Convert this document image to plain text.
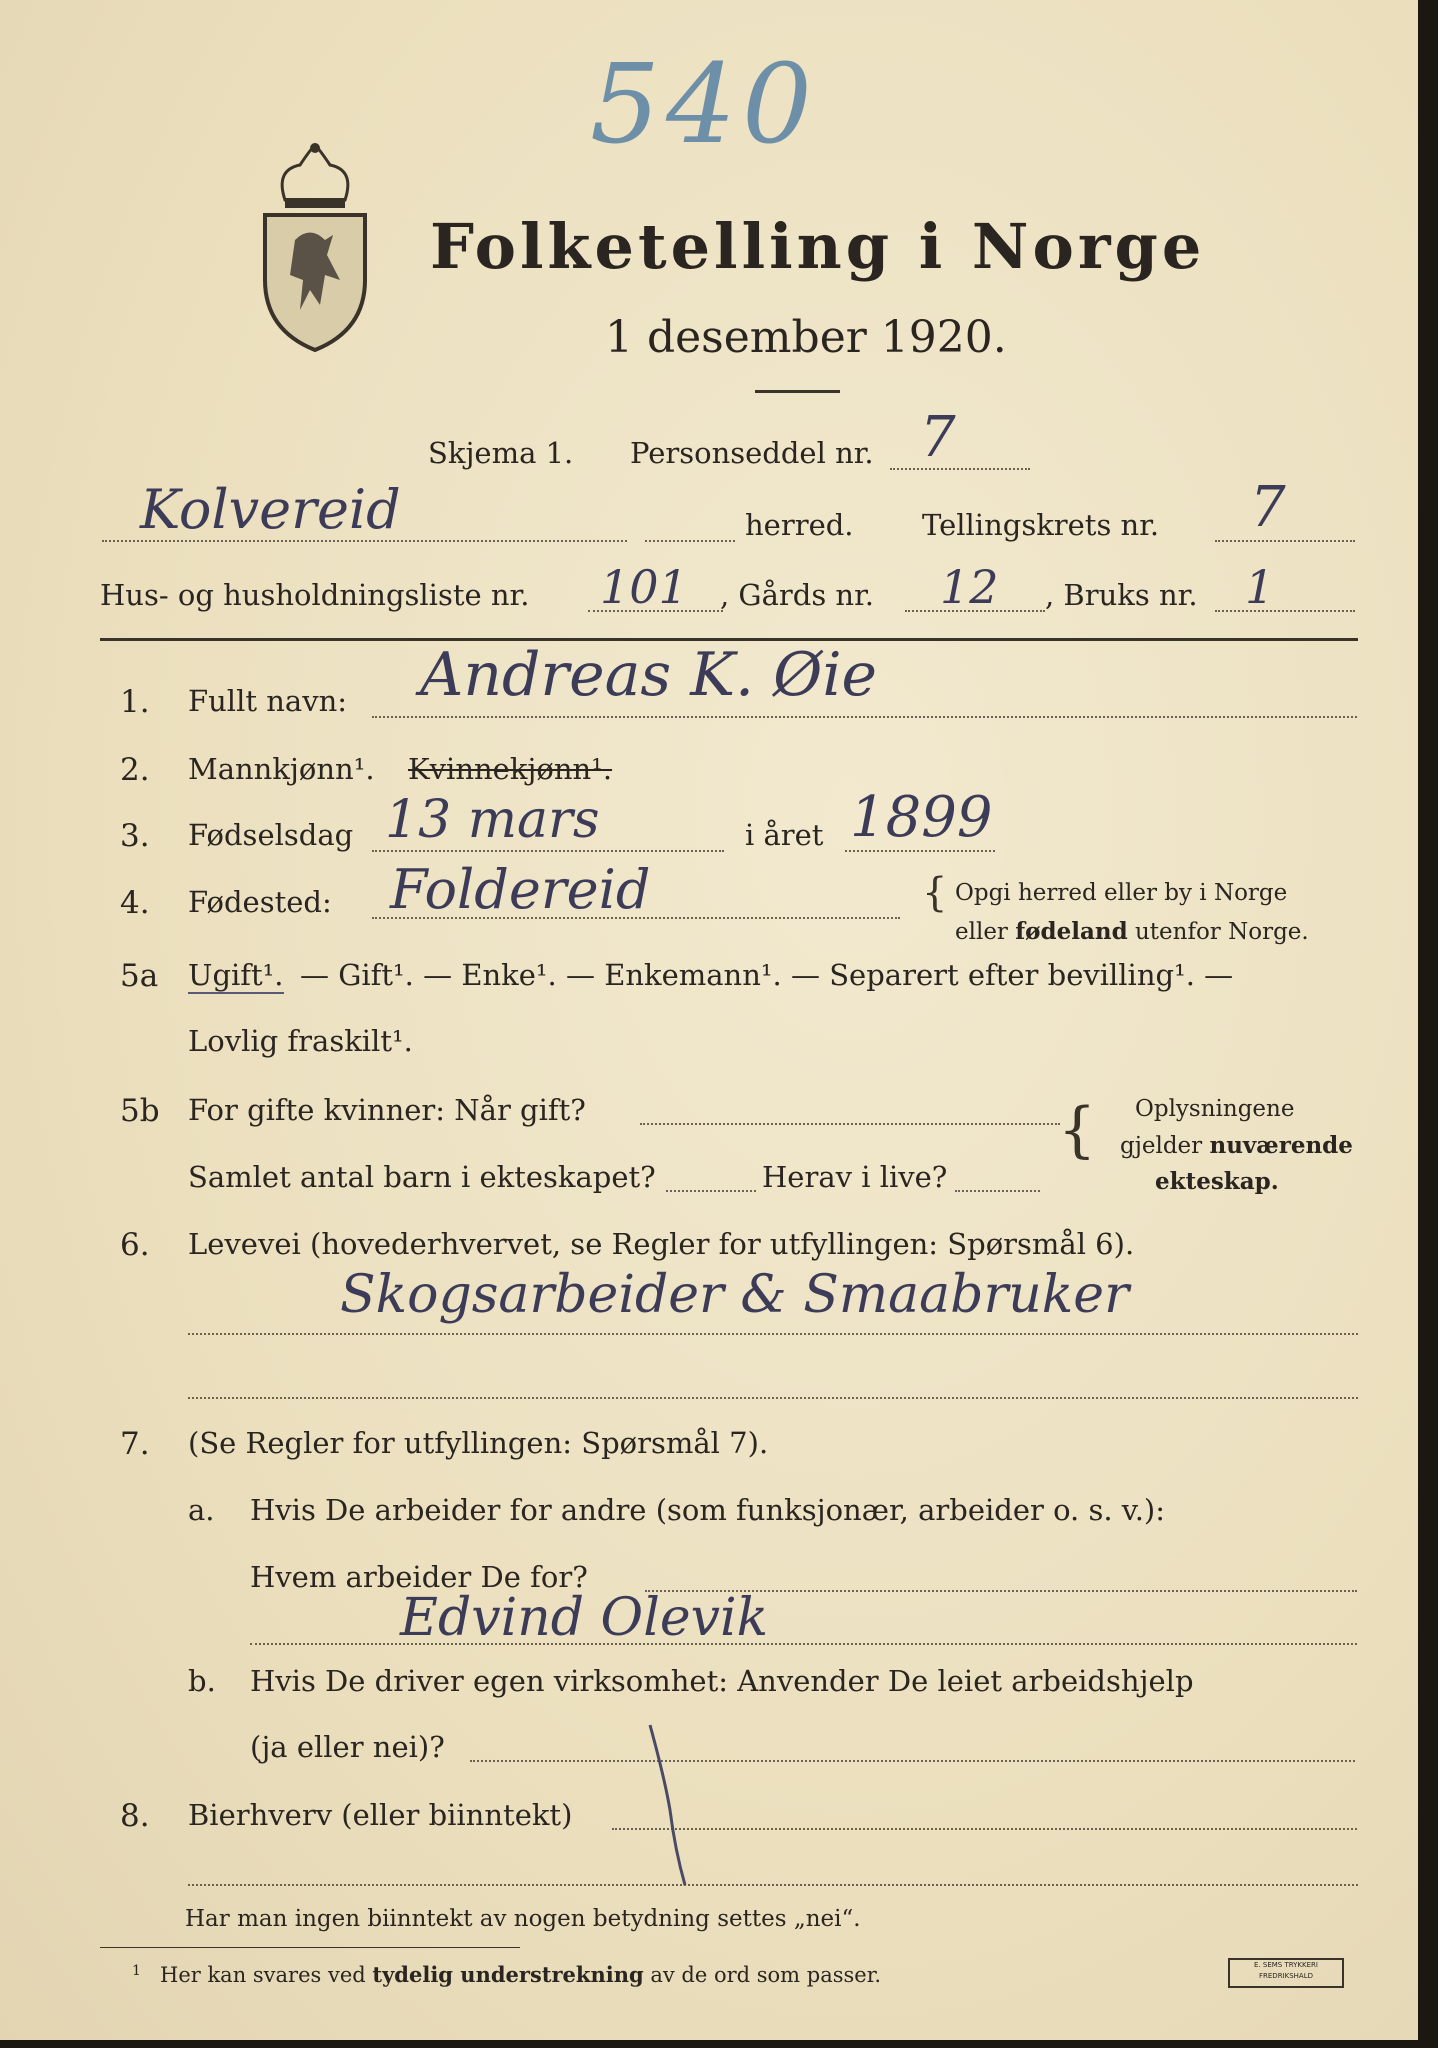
540
Folketelling i Norge
1 desember 1920.
Skjema 1. Personseddel nr. 7
Kolvereid	herred. Tellingskrets nr. 7
Hus- og husholdningsliste nr. 101 , Gårds nr. 12 , Bruks nr. 1
1. Fullt navn: Andreas K. Øie
2. Mannkjønn¹. Kvinnekjønn¹.
3. Fødselsdag 13 mars	i året 1899
4. Fødested: Foldereid	{ Opgi herred eller by i Norge
eller fødeland utenfor Norge.
5a Ugift¹. — Gift¹. — Enke¹. — Enkemann¹. — Separert efter bevilling¹. —
Lovlig fraskilt¹.
5b For gifte kvinner: Når gift?
Samlet antal barn i ekteskapet?	Herav i live?
{ Oplysningene
gjelder nuværende
ekteskap.
6. Levevei (hovederhvervet, se Regler for utfyllingen: Spørsmål 6).
Skogsarbeider & Smaabruker
7. (Se Regler for utfyllingen: Spørsmål 7).
a. Hvis De arbeider for andre (som funksjonær, arbeider o. s. v.):
Hvem arbeider De for?
Edvind Olevik
b. Hvis De driver egen virksomhet: Anvender De leiet arbeidshjelp
(ja eller nei)?
8. Bierhverv (eller biinntekt)
Har man ingen biinntekt av nogen betydning settes „nei“.
1 Her kan svares ved tydelig understrekning av de ord som passer.	E. SEMS TRYKKERI FREDRIKSHALD
